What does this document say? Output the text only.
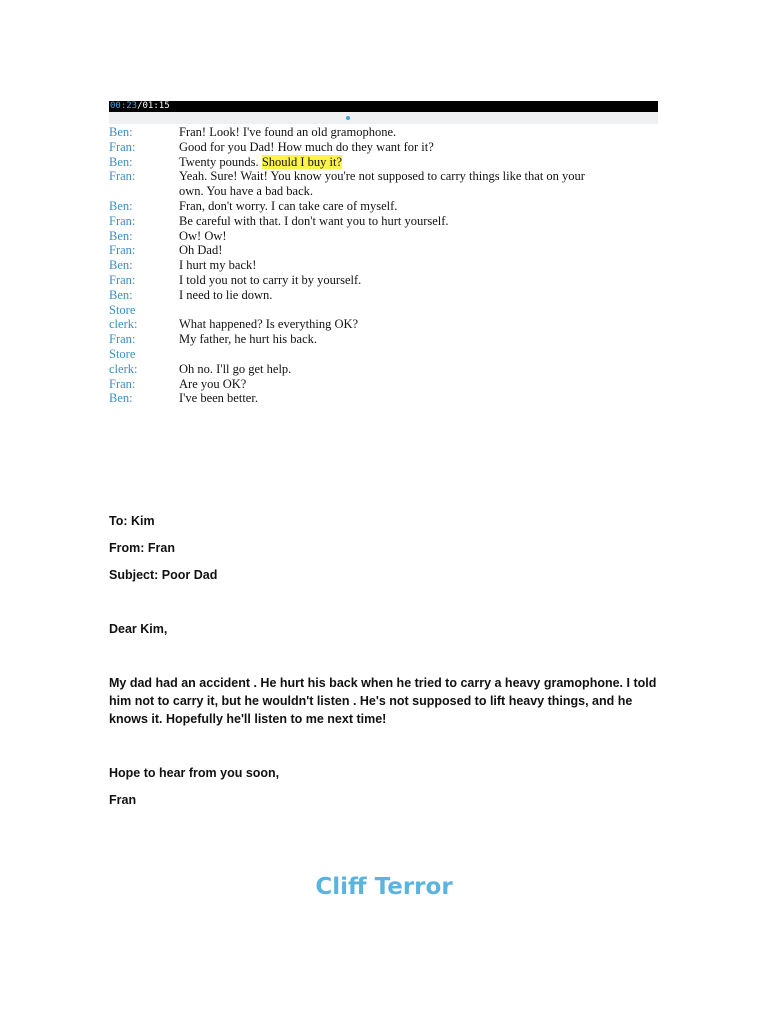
00:23/01:15
Ben:	Fran! Look! I've found an old gramophone.
Fran:	Good for you Dad! How much do they want for it?
Ben:	Twenty pounds. Should I buy it?
Fran:	Yeah. Sure! Wait! You know you're not supposed to carry things like that on your
own. You have a bad back.
Ben:	Fran, don't worry. I can take care of myself.
Fran:	Be careful with that. I don't want you to hurt yourself.
Ben:	Ow! Ow!
Fran:	Oh Dad!
Ben:	I hurt my back!
Fran:	I told you not to carry it by yourself.
Ben:	I need to lie down.
Store
clerk:	What happened? Is everything OK?
Fran:	My father, he hurt his back.
Store
clerk:	Oh no. I'll go get help.
Fran:	Are you OK?
Ben:	I've been better.

To: Kim

From: Fran

Subject: Poor Dad

Dear Kim,

My dad had an accident . He hurt his back when he tried to carry a heavy gramophone. I told him not to carry it, but he wouldn't listen . He's not supposed to lift heavy things, and he knows it. Hopefully he'll listen to me next time!

Hope to hear from you soon,

Fran

Cliff Terror
